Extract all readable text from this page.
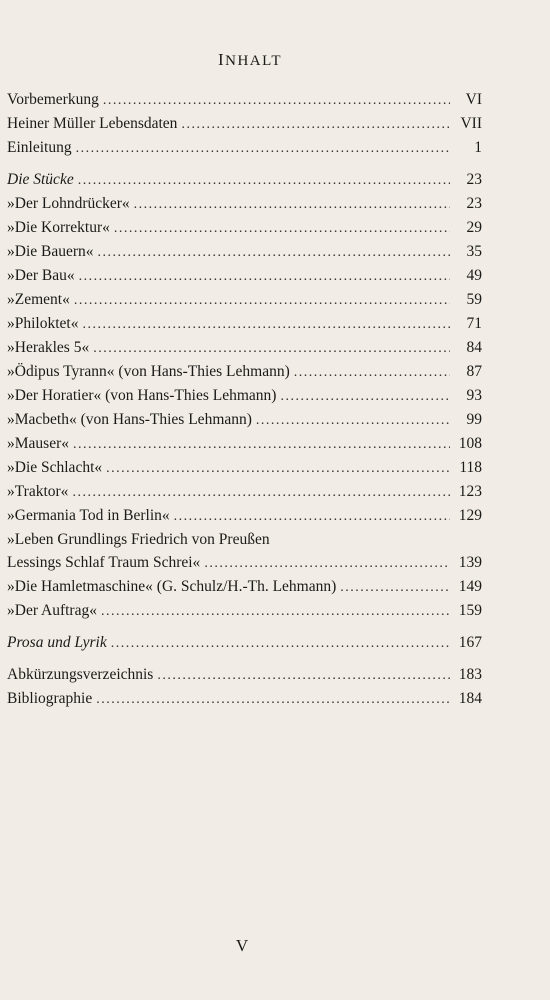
INHALT
Vorbemerkung . . .	VI
Heiner Müller Lebensdaten . . .	VII
Einleitung . . .	1
Die Stücke . . .	23
»Der Lohndrücker« . . .	23
»Die Korrektur« . . .	29
»Die Bauern« . . .	35
»Der Bau« . . .	49
»Zement« . . .	59
»Philoktet« . . .	71
»Herakles 5« . . .	84
»Ödipus Tyrann« (von Hans-Thies Lehmann) . . .	87
»Der Horatier« (von Hans-Thies Lehmann) . . .	93
»Macbeth« (von Hans-Thies Lehmann) . . .	99
»Mauser« . . .	108
»Die Schlacht« . . .	118
»Traktor« . . .	123
»Germania Tod in Berlin« . . .	129
»Leben Grundlings Friedrich von Preußen
Lessings Schlaf Traum Schrei« . . .	139
»Die Hamletmaschine« (G. Schulz/H.-Th. Lehmann) . . .	149
»Der Auftrag« . . .	159
Prosa und Lyrik . . .	167
Abkürzungsverzeichnis . . .	183
Bibliographie . . .	184
V
